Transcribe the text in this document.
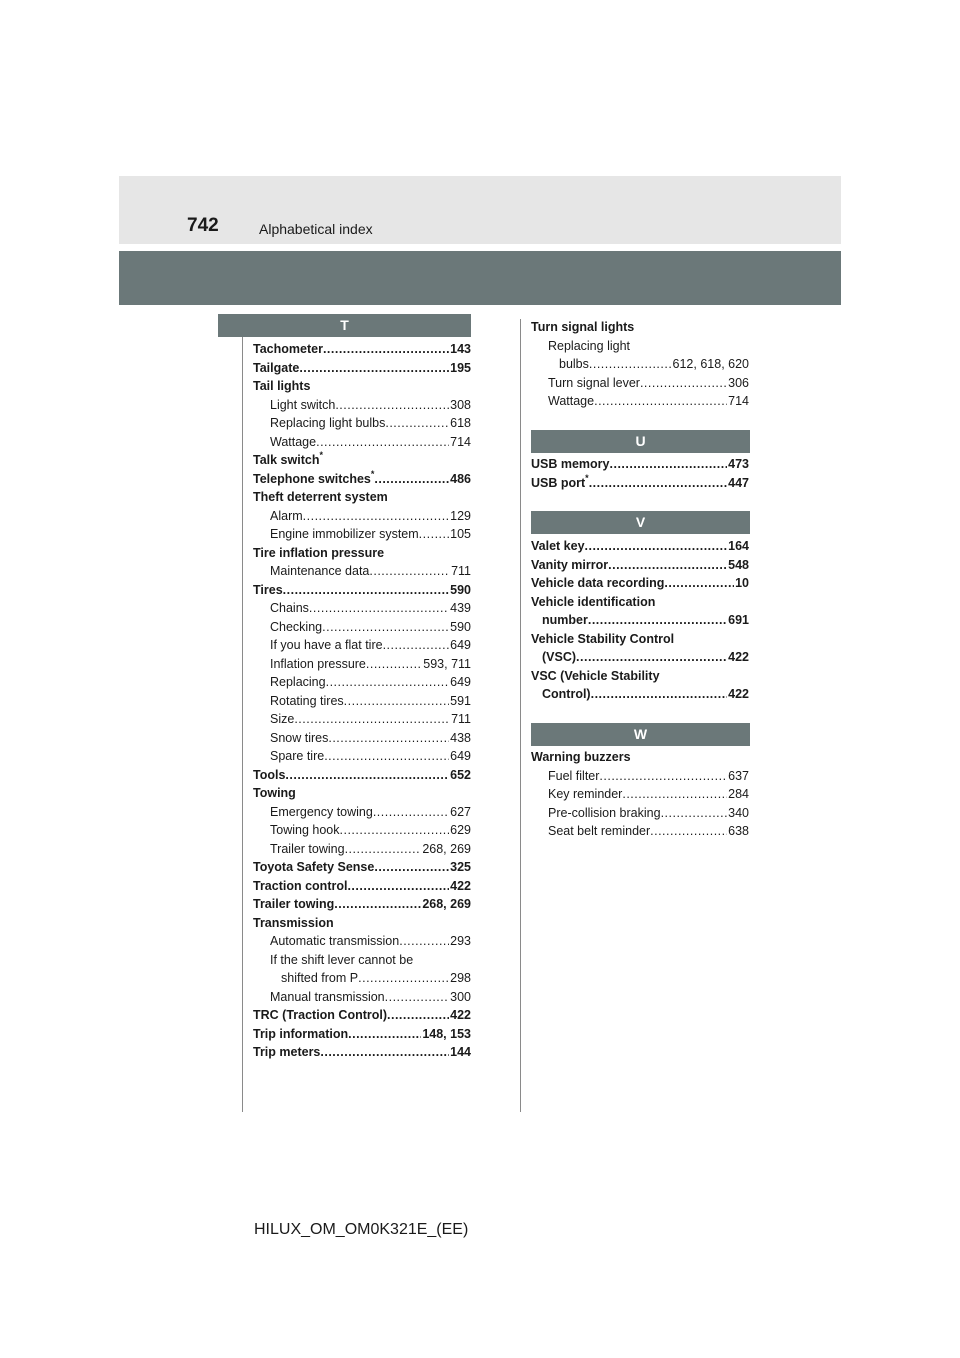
742	Alphabetical index
T
Tachometer .....	143
Tailgate .....	195
Tail lights
Light switch .....	308
Replacing light bulbs .....	618
Wattage .....	714
Talk switch*
Telephone switches* .....	486
Theft deterrent system
Alarm .....	129
Engine immobilizer system .....	105
Tire inflation pressure
Maintenance data .....	711
Tires .....	590
Chains .....	439
Checking .....	590
If you have a flat tire .....	649
Inflation pressure .....	593, 711
Replacing .....	649
Rotating tires .....	591
Size .....	711
Snow tires .....	438
Spare tire .....	649
Tools .....	652
Towing
Emergency towing .....	627
Towing hook .....	629
Trailer towing .....	268, 269
Toyota Safety Sense .....	325
Traction control .....	422
Trailer towing .....	268, 269
Transmission
Automatic transmission .....	293
If the shift lever cannot be
shifted from P .....	298
Manual transmission .....	300
TRC (Traction Control) .....	422
Trip information .....	148, 153
Trip meters .....	144
Turn signal lights
Replacing light
bulbs .....	612, 618, 620
Turn signal lever .....	306
Wattage .....	714
U
USB memory .....	473
USB port* .....	447
V
Valet key .....	164
Vanity mirror .....	548
Vehicle data recording .....	10
Vehicle identification
number .....	691
Vehicle Stability Control
(VSC) .....	422
VSC (Vehicle Stability
Control) .....	422
W
Warning buzzers
Fuel filter .....	637
Key reminder .....	284
Pre-collision braking .....	340
Seat belt reminder .....	638
HILUX_OM_OM0K321E_(EE)
